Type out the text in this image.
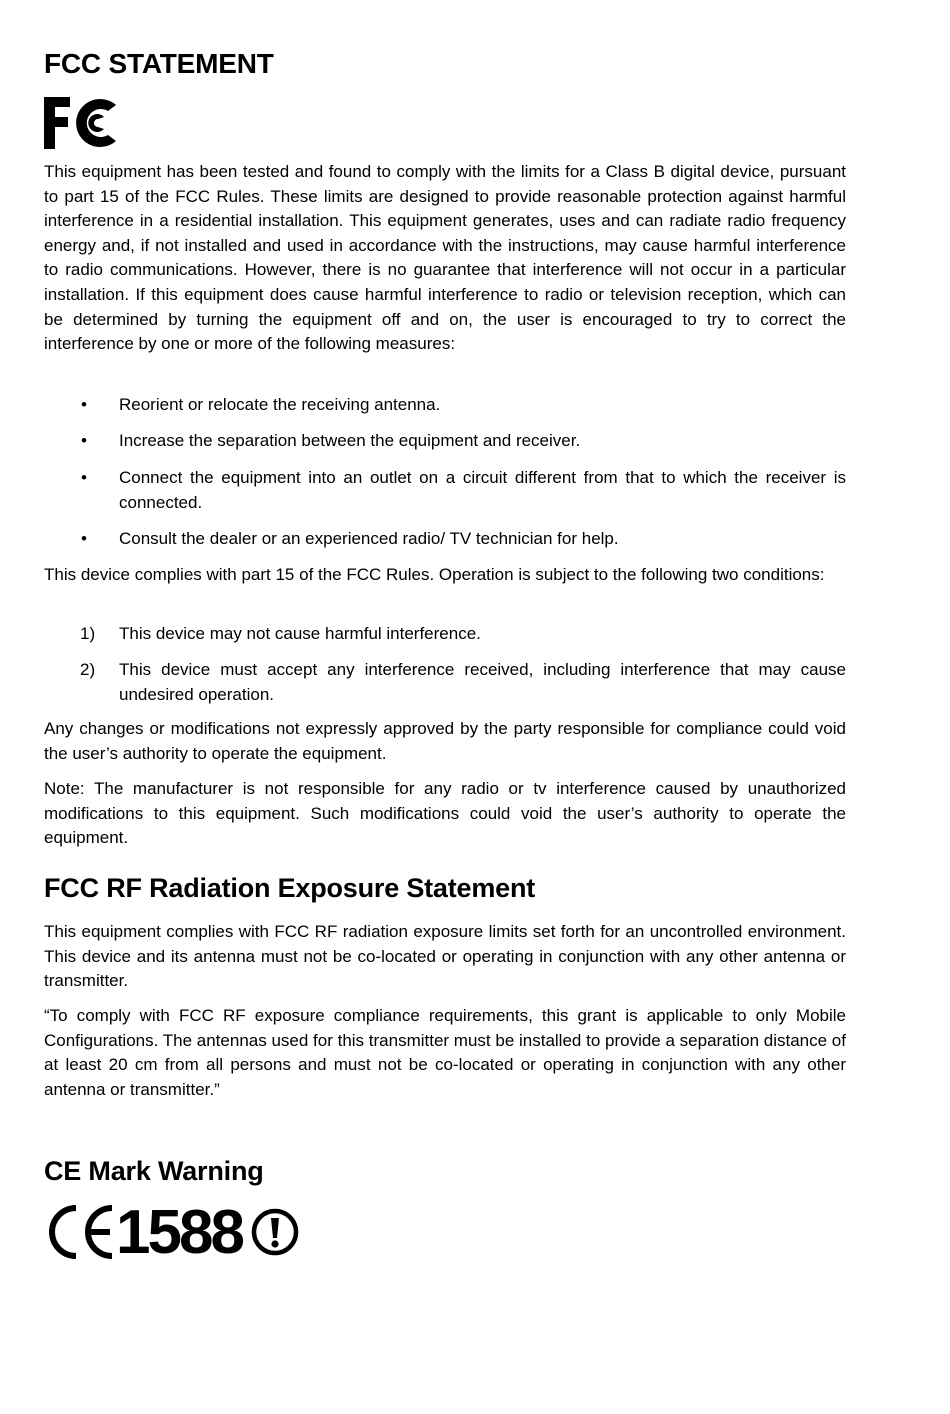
FCC STATEMENT

This equipment has been tested and found to comply with the limits for a Class B digital device, pursuant to part 15 of the FCC Rules. These limits are designed to provide reasonable protection against harmful interference in a residential installation. This equipment generates, uses and can radiate radio frequency energy and, if not installed and used in accordance with the instructions, may cause harmful interference to radio communications. However, there is no guarantee that interference will not occur in a particular installation. If this equipment does cause harmful interference to radio or television reception, which can be determined by turning the equipment off and on, the user is encouraged to try to correct the interference by one or more of the following measures:

• Reorient or relocate the receiving antenna.
• Increase the separation between the equipment and receiver.
• Connect the equipment into an outlet on a circuit different from that to which the receiver is connected.
• Consult the dealer or an experienced radio/ TV technician for help.

This device complies with part 15 of the FCC Rules. Operation is subject to the following two conditions:

1) This device may not cause harmful interference.
2) This device must accept any interference received, including interference that may cause undesired operation.

Any changes or modifications not expressly approved by the party responsible for compliance could void the user’s authority to operate the equipment.

Note: The manufacturer is not responsible for any radio or tv interference caused by unauthorized modifications to this equipment. Such modifications could void the user’s authority to operate the equipment.

FCC RF Radiation Exposure Statement

This equipment complies with FCC RF radiation exposure limits set forth for an uncontrolled environment. This device and its antenna must not be co-located or operating in conjunction with any other antenna or transmitter.

“To comply with FCC RF exposure compliance requirements, this grant is applicable to only Mobile Configurations. The antennas used for this transmitter must be installed to provide a separation distance of at least 20 cm from all persons and must not be co-located or operating in conjunction with any other antenna or transmitter.”

CE Mark Warning
1588
